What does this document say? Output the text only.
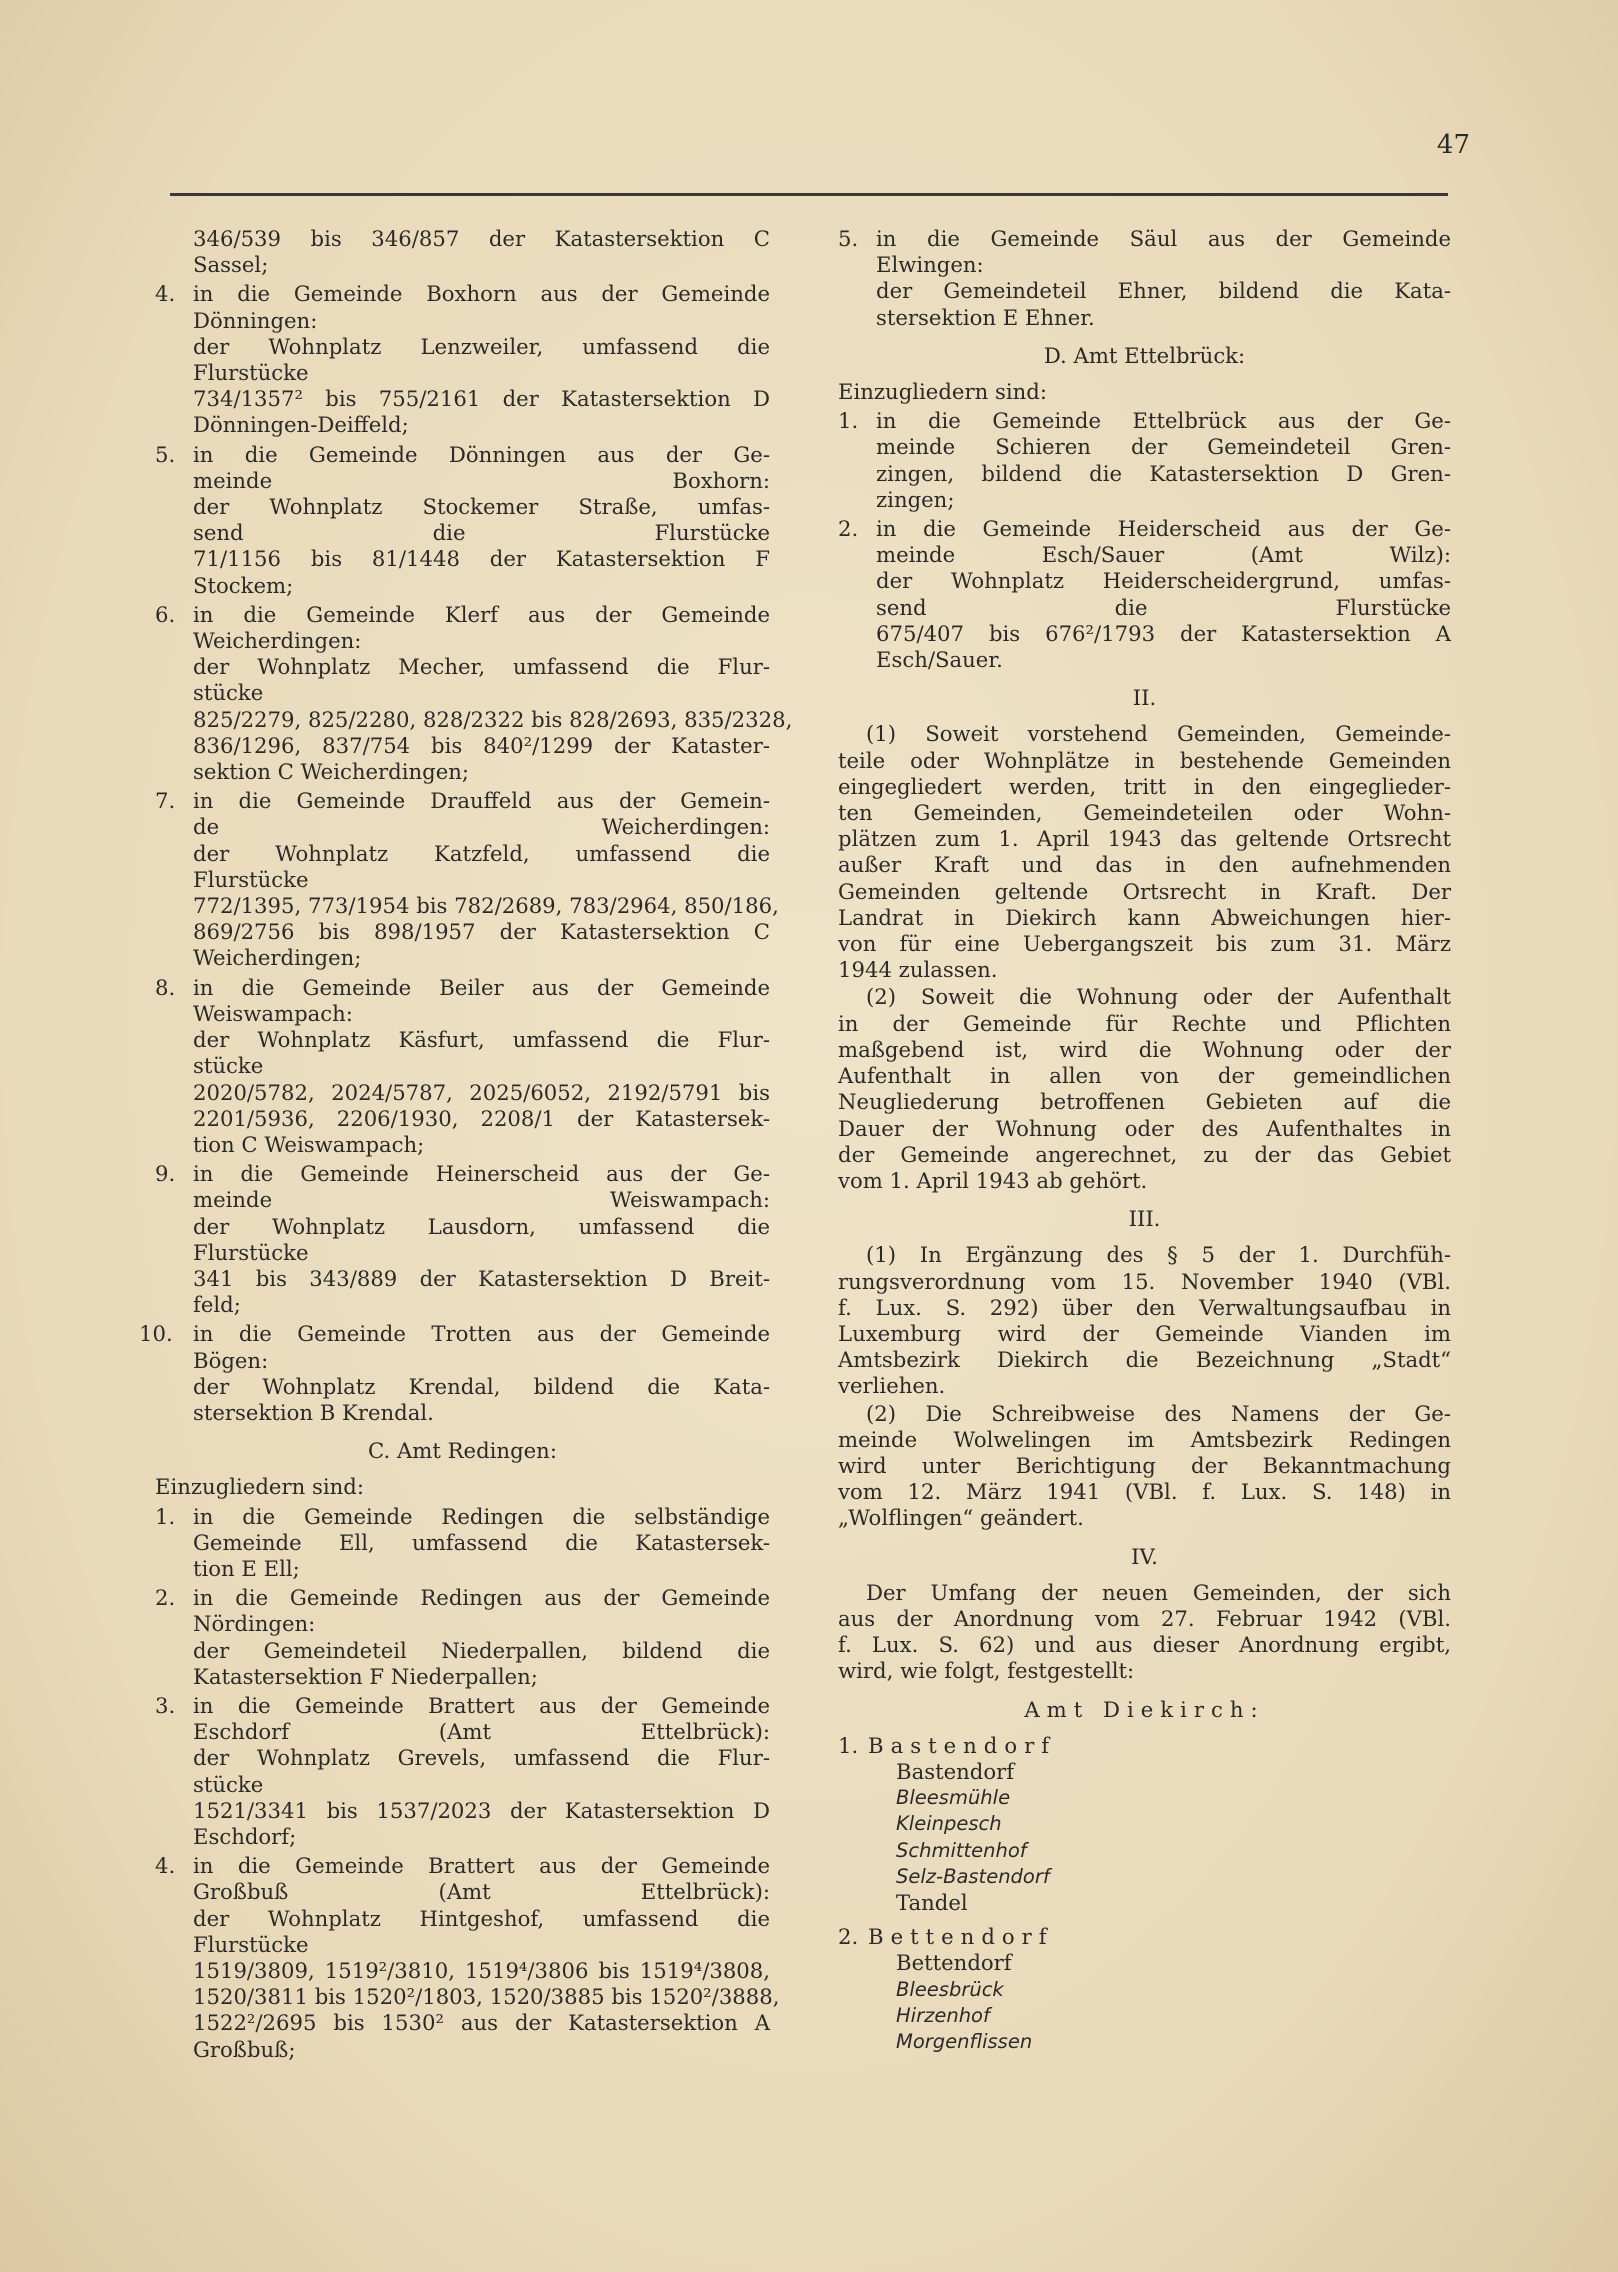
47
346/539 bis 346/857 der Katastersektion C
Sassel;
4. in die Gemeinde Boxhorn aus der Gemeinde
Dönningen:
der Wohnplatz Lenzweiler, umfassend die
Flurstücke
734/1357² bis 755/2161 der Katastersektion D
Dönningen-Deiffeld;
5. in die Gemeinde Dönningen aus der Ge-
meinde Boxhorn:
der Wohnplatz Stockemer Straße, umfas-
send die Flurstücke
71/1156 bis 81/1448 der Katastersektion F
Stockem;
6. in die Gemeinde Klerf aus der Gemeinde
Weicherdingen:
der Wohnplatz Mecher, umfassend die Flur-
stücke
825/2279, 825/2280, 828/2322 bis 828/2693, 835/2328,
836/1296, 837/754 bis 840²/1299 der Kataster-
sektion C Weicherdingen;
7. in die Gemeinde Drauffeld aus der Gemein-
de Weicherdingen:
der Wohnplatz Katzfeld, umfassend die
Flurstücke
772/1395, 773/1954 bis 782/2689, 783/2964, 850/186,
869/2756 bis 898/1957 der Katastersektion C
Weicherdingen;
8. in die Gemeinde Beiler aus der Gemeinde
Weiswampach:
der Wohnplatz Käsfurt, umfassend die Flur-
stücke
2020/5782, 2024/5787, 2025/6052, 2192/5791 bis
2201/5936, 2206/1930, 2208/1 der Katastersek-
tion C Weiswampach;
9. in die Gemeinde Heinerscheid aus der Ge-
meinde Weiswampach:
der Wohnplatz Lausdorn, umfassend die
Flurstücke
341 bis 343/889 der Katastersektion D Breit-
feld;
10. in die Gemeinde Trotten aus der Gemeinde
Bögen:
der Wohnplatz Krendal, bildend die Kata-
stersektion B Krendal.
C. Amt Redingen:
Einzugliedern sind:
1. in die Gemeinde Redingen die selbständige
Gemeinde Ell, umfassend die Katastersek-
tion E Ell;
2. in die Gemeinde Redingen aus der Gemeinde
Nördingen:
der Gemeindeteil Niederpallen, bildend die
Katastersektion F Niederpallen;
3. in die Gemeinde Brattert aus der Gemeinde
Eschdorf (Amt Ettelbrück):
der Wohnplatz Grevels, umfassend die Flur-
stücke
1521/3341 bis 1537/2023 der Katastersektion D
Eschdorf;
4. in die Gemeinde Brattert aus der Gemeinde
Großbuß (Amt Ettelbrück):
der Wohnplatz Hintgeshof, umfassend die
Flurstücke
1519/3809, 1519²/3810, 1519⁴/3806 bis 1519⁴/3808,
1520/3811 bis 1520²/1803, 1520/3885 bis 1520²/3888,
1522²/2695 bis 1530² aus der Katastersektion A
Großbuß;
5. in die Gemeinde Säul aus der Gemeinde
Elwingen:
der Gemeindeteil Ehner, bildend die Kata-
stersektion E Ehner.
D. Amt Ettelbrück:
Einzugliedern sind:
1. in die Gemeinde Ettelbrück aus der Ge-
meinde Schieren der Gemeindeteil Gren-
zingen, bildend die Katastersektion D Gren-
zingen;
2. in die Gemeinde Heiderscheid aus der Ge-
meinde Esch/Sauer (Amt Wilz):
der Wohnplatz Heiderscheidergrund, umfas-
send die Flurstücke
675/407 bis 676²/1793 der Katastersektion A
Esch/Sauer.
II.
(1) Soweit vorstehend Gemeinden, Gemeinde-
teile oder Wohnplätze in bestehende Gemeinden
eingegliedert werden, tritt in den eingeglieder-
ten Gemeinden, Gemeindeteilen oder Wohn-
plätzen zum 1. April 1943 das geltende Ortsrecht
außer Kraft und das in den aufnehmenden
Gemeinden geltende Ortsrecht in Kraft. Der
Landrat in Diekirch kann Abweichungen hier-
von für eine Uebergangszeit bis zum 31. März
1944 zulassen.
(2) Soweit die Wohnung oder der Aufenthalt
in der Gemeinde für Rechte und Pflichten
maßgebend ist, wird die Wohnung oder der
Aufenthalt in allen von der gemeindlichen
Neugliederung betroffenen Gebieten auf die
Dauer der Wohnung oder des Aufenthaltes in
der Gemeinde angerechnet, zu der das Gebiet
vom 1. April 1943 ab gehört.
III.
(1) In Ergänzung des § 5 der 1. Durchfüh-
rungsverordnung vom 15. November 1940 (VBl.
f. Lux. S. 292) über den Verwaltungsaufbau in
Luxemburg wird der Gemeinde Vianden im
Amtsbezirk Diekirch die Bezeichnung „Stadt“
verliehen.
(2) Die Schreibweise des Namens der Ge-
meinde Wolwelingen im Amtsbezirk Redingen
wird unter Berichtigung der Bekanntmachung
vom 12. März 1941 (VBl. f. Lux. S. 148) in
„Wolflingen“ geändert.
IV.
Der Umfang der neuen Gemeinden, der sich
aus der Anordnung vom 27. Februar 1942 (VBl.
f. Lux. S. 62) und aus dieser Anordnung ergibt,
wird, wie folgt, festgestellt:
Amt Diekirch:
1. Bastendorf
Bastendorf
Bleesmühle
Kleinpesch
Schmittenhof
Selz-Bastendorf
Tandel
2. Bettendorf
Bettendorf
Bleesbrück
Hirzenhof
Morgenflissen
